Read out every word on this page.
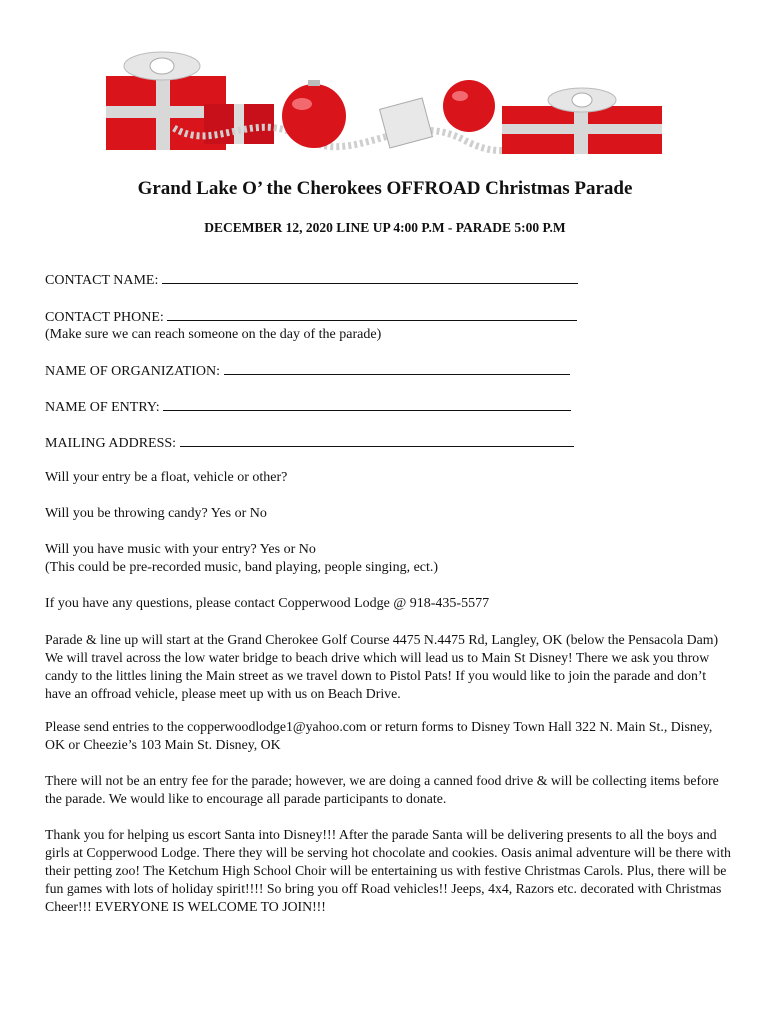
Grand Lake O’ the Cherokees OFFROAD Christmas Parade
DECEMBER 12, 2020 LINE UP 4:00 P.M - PARADE 5:00 P.M
CONTACT NAME:
CONTACT PHONE:
(Make sure we can reach someone on the day of the parade)
NAME OF ORGANIZATION:
NAME OF ENTRY:
MAILING ADDRESS:
Will your entry be a float, vehicle or other?
Will you be throwing candy? Yes or No
Will you have music with your entry? Yes or No
(This could be pre-recorded music, band playing, people singing, ect.)
If you have any questions, please contact Copperwood Lodge @ 918-435-5577
Parade & line up will start at the Grand Cherokee Golf Course 4475 N.4475 Rd, Langley, OK (below the Pensacola Dam) We will travel across the low water bridge to beach drive which will lead us to Main St Disney! There we ask you throw candy to the littles lining the Main street as we travel down to Pistol Pats! If you would like to join the parade and don’t have an offroad vehicle, please meet up with us on Beach Drive.
Please send entries to the copperwoodlodge1@yahoo.com or return forms to Disney Town Hall 322 N. Main St., Disney, OK or Cheezie’s 103 Main St. Disney, OK
There will not be an entry fee for the parade; however, we are doing a canned food drive & will be collecting items before the parade. We would like to encourage all parade participants to donate.
Thank you for helping us escort Santa into Disney!!! After the parade Santa will be delivering presents to all the boys and girls at Copperwood Lodge. There they will be serving hot chocolate and cookies. Oasis animal adventure will be there with their petting zoo! The Ketchum High School Choir will be entertaining us with festive Christmas Carols. Plus, there will be fun games with lots of holiday spirit!!!! So bring you off Road vehicles!! Jeeps, 4x4, Razors etc. decorated with Christmas Cheer!!! EVERYONE IS WELCOME TO JOIN!!!
